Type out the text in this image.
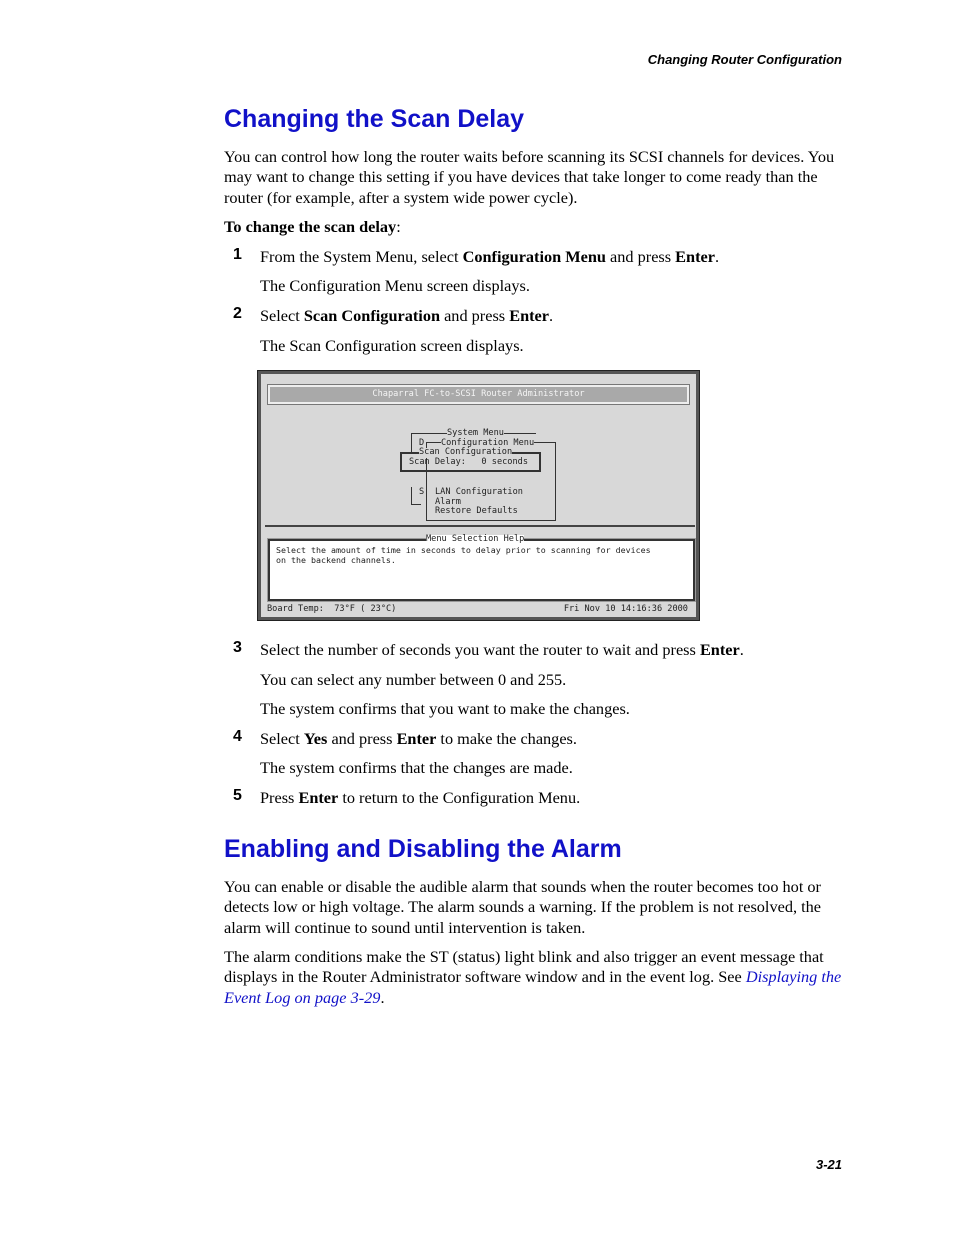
Changing Router Configuration
Changing the Scan Delay

You can control how long the router waits before scanning its SCSI channels for devices. You may want to change this setting if you have devices that take longer to come ready than the router (for example, after a system wide power cycle).

To change the scan delay:

1 From the System Menu, select Configuration Menu and press Enter.

The Configuration Menu screen displays.

2 Select Scan Configuration and press Enter.

The Scan Configuration screen displays.

Chaparral FC-to-SCSI Router Administrator
System Menu
D Configuration Menu
Scan Configuration
Scan Delay:   0 seconds
S LAN Configuration
Alarm
Restore Defaults
Menu Selection Help
Select the amount of time in seconds to delay prior to scanning for devices
on the backend channels.
Board Temp:  73°F ( 23°C)	Fri Nov 10 14:16:36 2000
3 Select the number of seconds you want the router to wait and press Enter.

You can select any number between 0 and 255.

The system confirms that you want to make the changes.

4 Select Yes and press Enter to make the changes.

The system confirms that the changes are made.

5 Press Enter to return to the Configuration Menu.

Enabling and Disabling the Alarm

You can enable or disable the audible alarm that sounds when the router becomes too hot or detects low or high voltage. The alarm sounds a warning. If the problem is not resolved, the alarm will continue to sound until intervention is taken.

The alarm conditions make the ST (status) light blink and also trigger an event message that displays in the Router Administrator software window and in the event log. See Displaying the Event Log on page 3-29.

3-21
